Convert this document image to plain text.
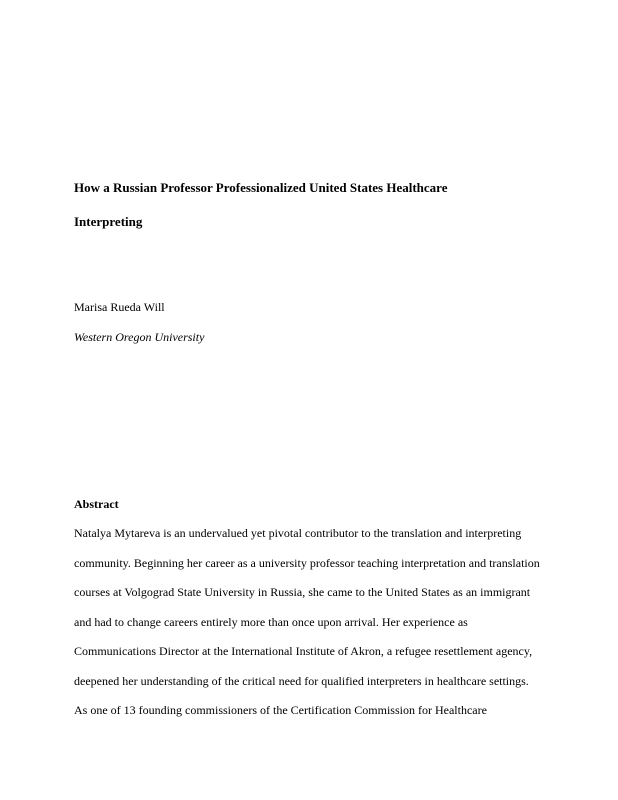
How a Russian Professor Professionalized United States Healthcare
Interpreting
Marisa Rueda Will
Western Oregon University
Abstract
Natalya Mytareva is an undervalued yet pivotal contributor to the translation and interpreting
community. Beginning her career as a university professor teaching interpretation and translation
courses at Volgograd State University in Russia, she came to the United States as an immigrant
and had to change careers entirely more than once upon arrival. Her experience as
Communications Director at the International Institute of Akron, a refugee resettlement agency,
deepened her understanding of the critical need for qualified interpreters in healthcare settings.
As one of 13 founding commissioners of the Certification Commission for Healthcare
